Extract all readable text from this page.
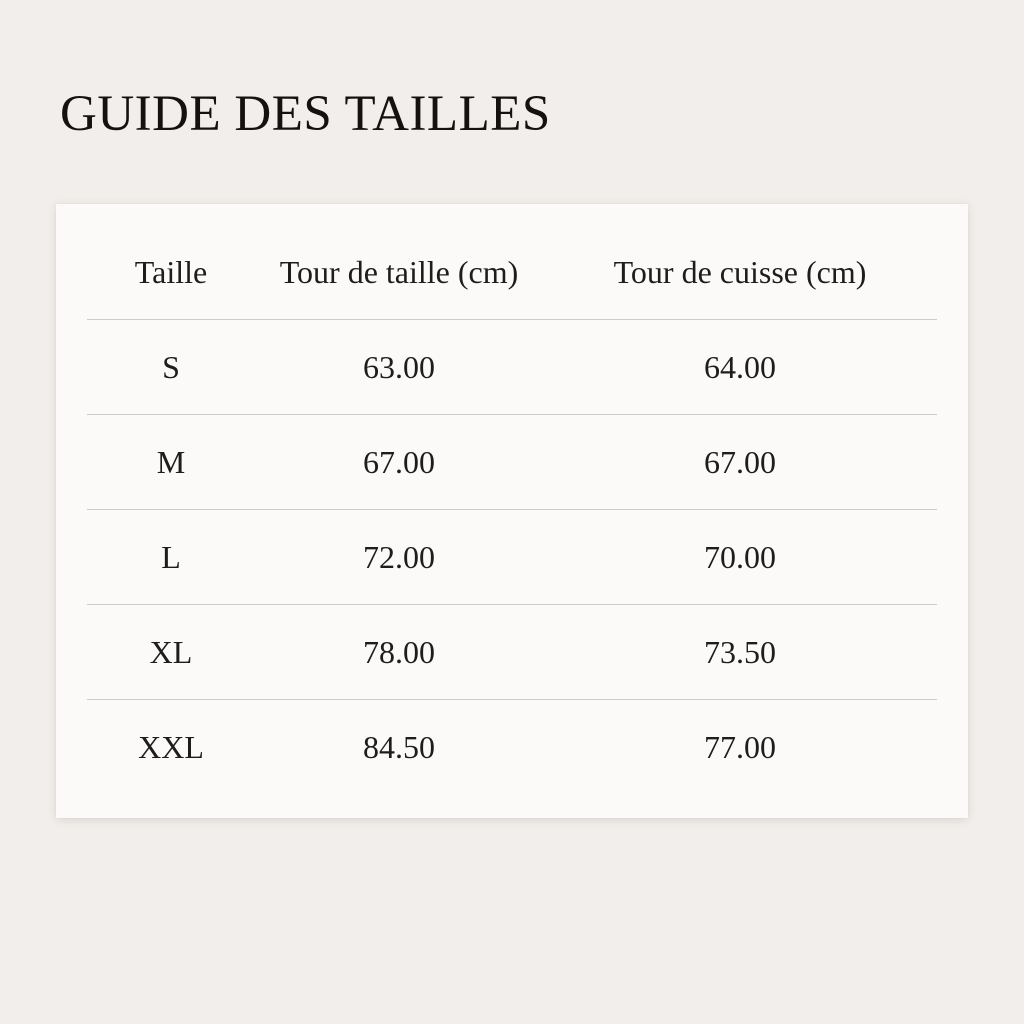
GUIDE DES TAILLES
Taille	Tour de taille (cm)	Tour de cuisse (cm)
S	63.00	64.00
M	67.00	67.00
L	72.00	70.00
XL	78.00	73.50
XXL	84.50	77.00
